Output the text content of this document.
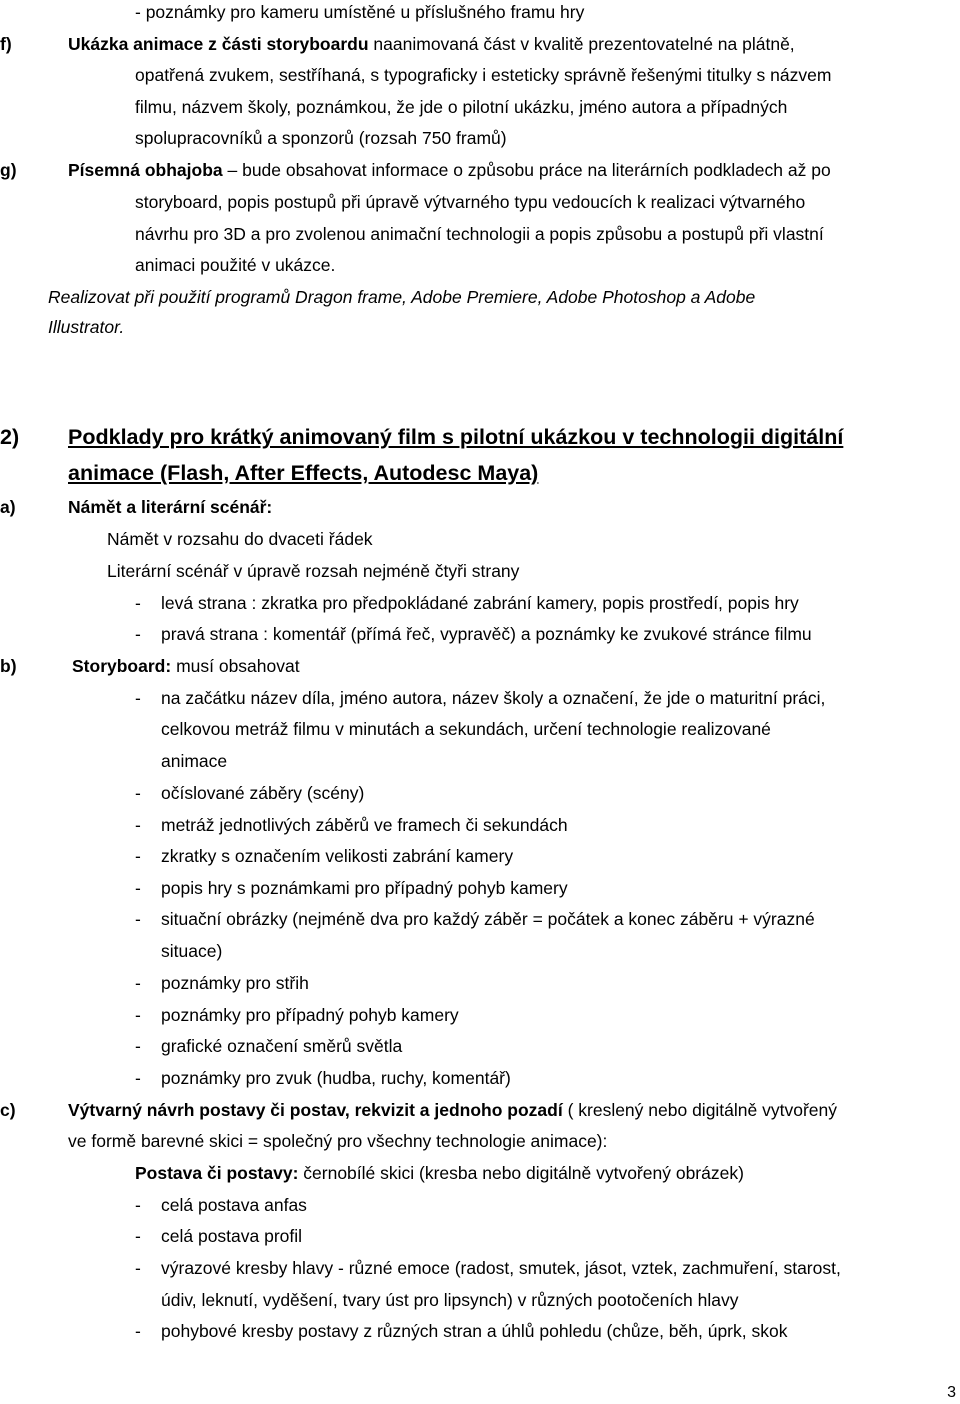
- poznámky pro kameru umístěné u příslušného framu hry
f)	Ukázka animace z části storyboardu naanimovaná část v kvalitě prezentovatelné na plátně,
opatřená zvukem, sestříhaná, s typograficky i esteticky správně řešenými titulky s názvem
filmu, názvem školy, poznámkou, že jde o pilotní ukázku, jméno autora a případných
spolupracovníků a sponzorů (rozsah 750 framů)
g)	Písemná obhajoba – bude obsahovat informace o způsobu práce na literárních podkladech až po
storyboard, popis postupů při úpravě výtvarného typu vedoucích k realizaci výtvarného
návrhu pro 3D a pro zvolenou animační technologii a popis způsobu a postupů při vlastní
animaci použité v ukázce.
Realizovat při použití programů Dragon frame, Adobe Premiere, Adobe Photoshop a Adobe
Illustrator.
2) Podklady pro krátký animovaný film s pilotní ukázkou v technologii digitální
animace (Flash, After Effects, Autodesc Maya)
a)	Námět a literární scénář:
Námět v rozsahu do dvaceti řádek
Literární scénář v úpravě rozsah nejméně čtyři strany
- levá strana : zkratka pro předpokládané zabrání kamery, popis prostředí, popis hry
- pravá strana : komentář (přímá řeč, vypravěč) a poznámky ke zvukové stránce filmu
b)	Storyboard: musí obsahovat
- na začátku název díla, jméno autora, název školy a označení, že jde o maturitní práci,
celkovou metráž filmu v minutách a sekundách, určení technologie realizované
animace
- očíslované záběry (scény)
- metráž jednotlivých záběrů ve framech či sekundách
- zkratky s označením velikosti zabrání kamery
- popis hry s poznámkami pro případný pohyb kamery
- situační obrázky (nejméně dva pro každý záběr = počátek a konec záběru + výrazné
situace)
- poznámky pro střih
- poznámky pro případný pohyb kamery
- grafické označení směrů světla
- poznámky pro zvuk (hudba, ruchy, komentář)
c)	Výtvarný návrh postavy či postav, rekvizit a jednoho pozadí ( kreslený nebo digitálně vytvořený
ve formě barevné skici = společný pro všechny technologie animace):
Postava či postavy: černobílé skici (kresba nebo digitálně vytvořený obrázek)
- celá postava anfas
- celá postava profil
- výrazové kresby hlavy - různé emoce (radost, smutek, jásot, vztek, zachmuření, starost,
údiv, leknutí, vyděšení, tvary úst pro lipsynch) v různých pootočeních hlavy
- pohybové kresby postavy z různých stran a úhlů pohledu (chůze, běh, úprk, skok
3
